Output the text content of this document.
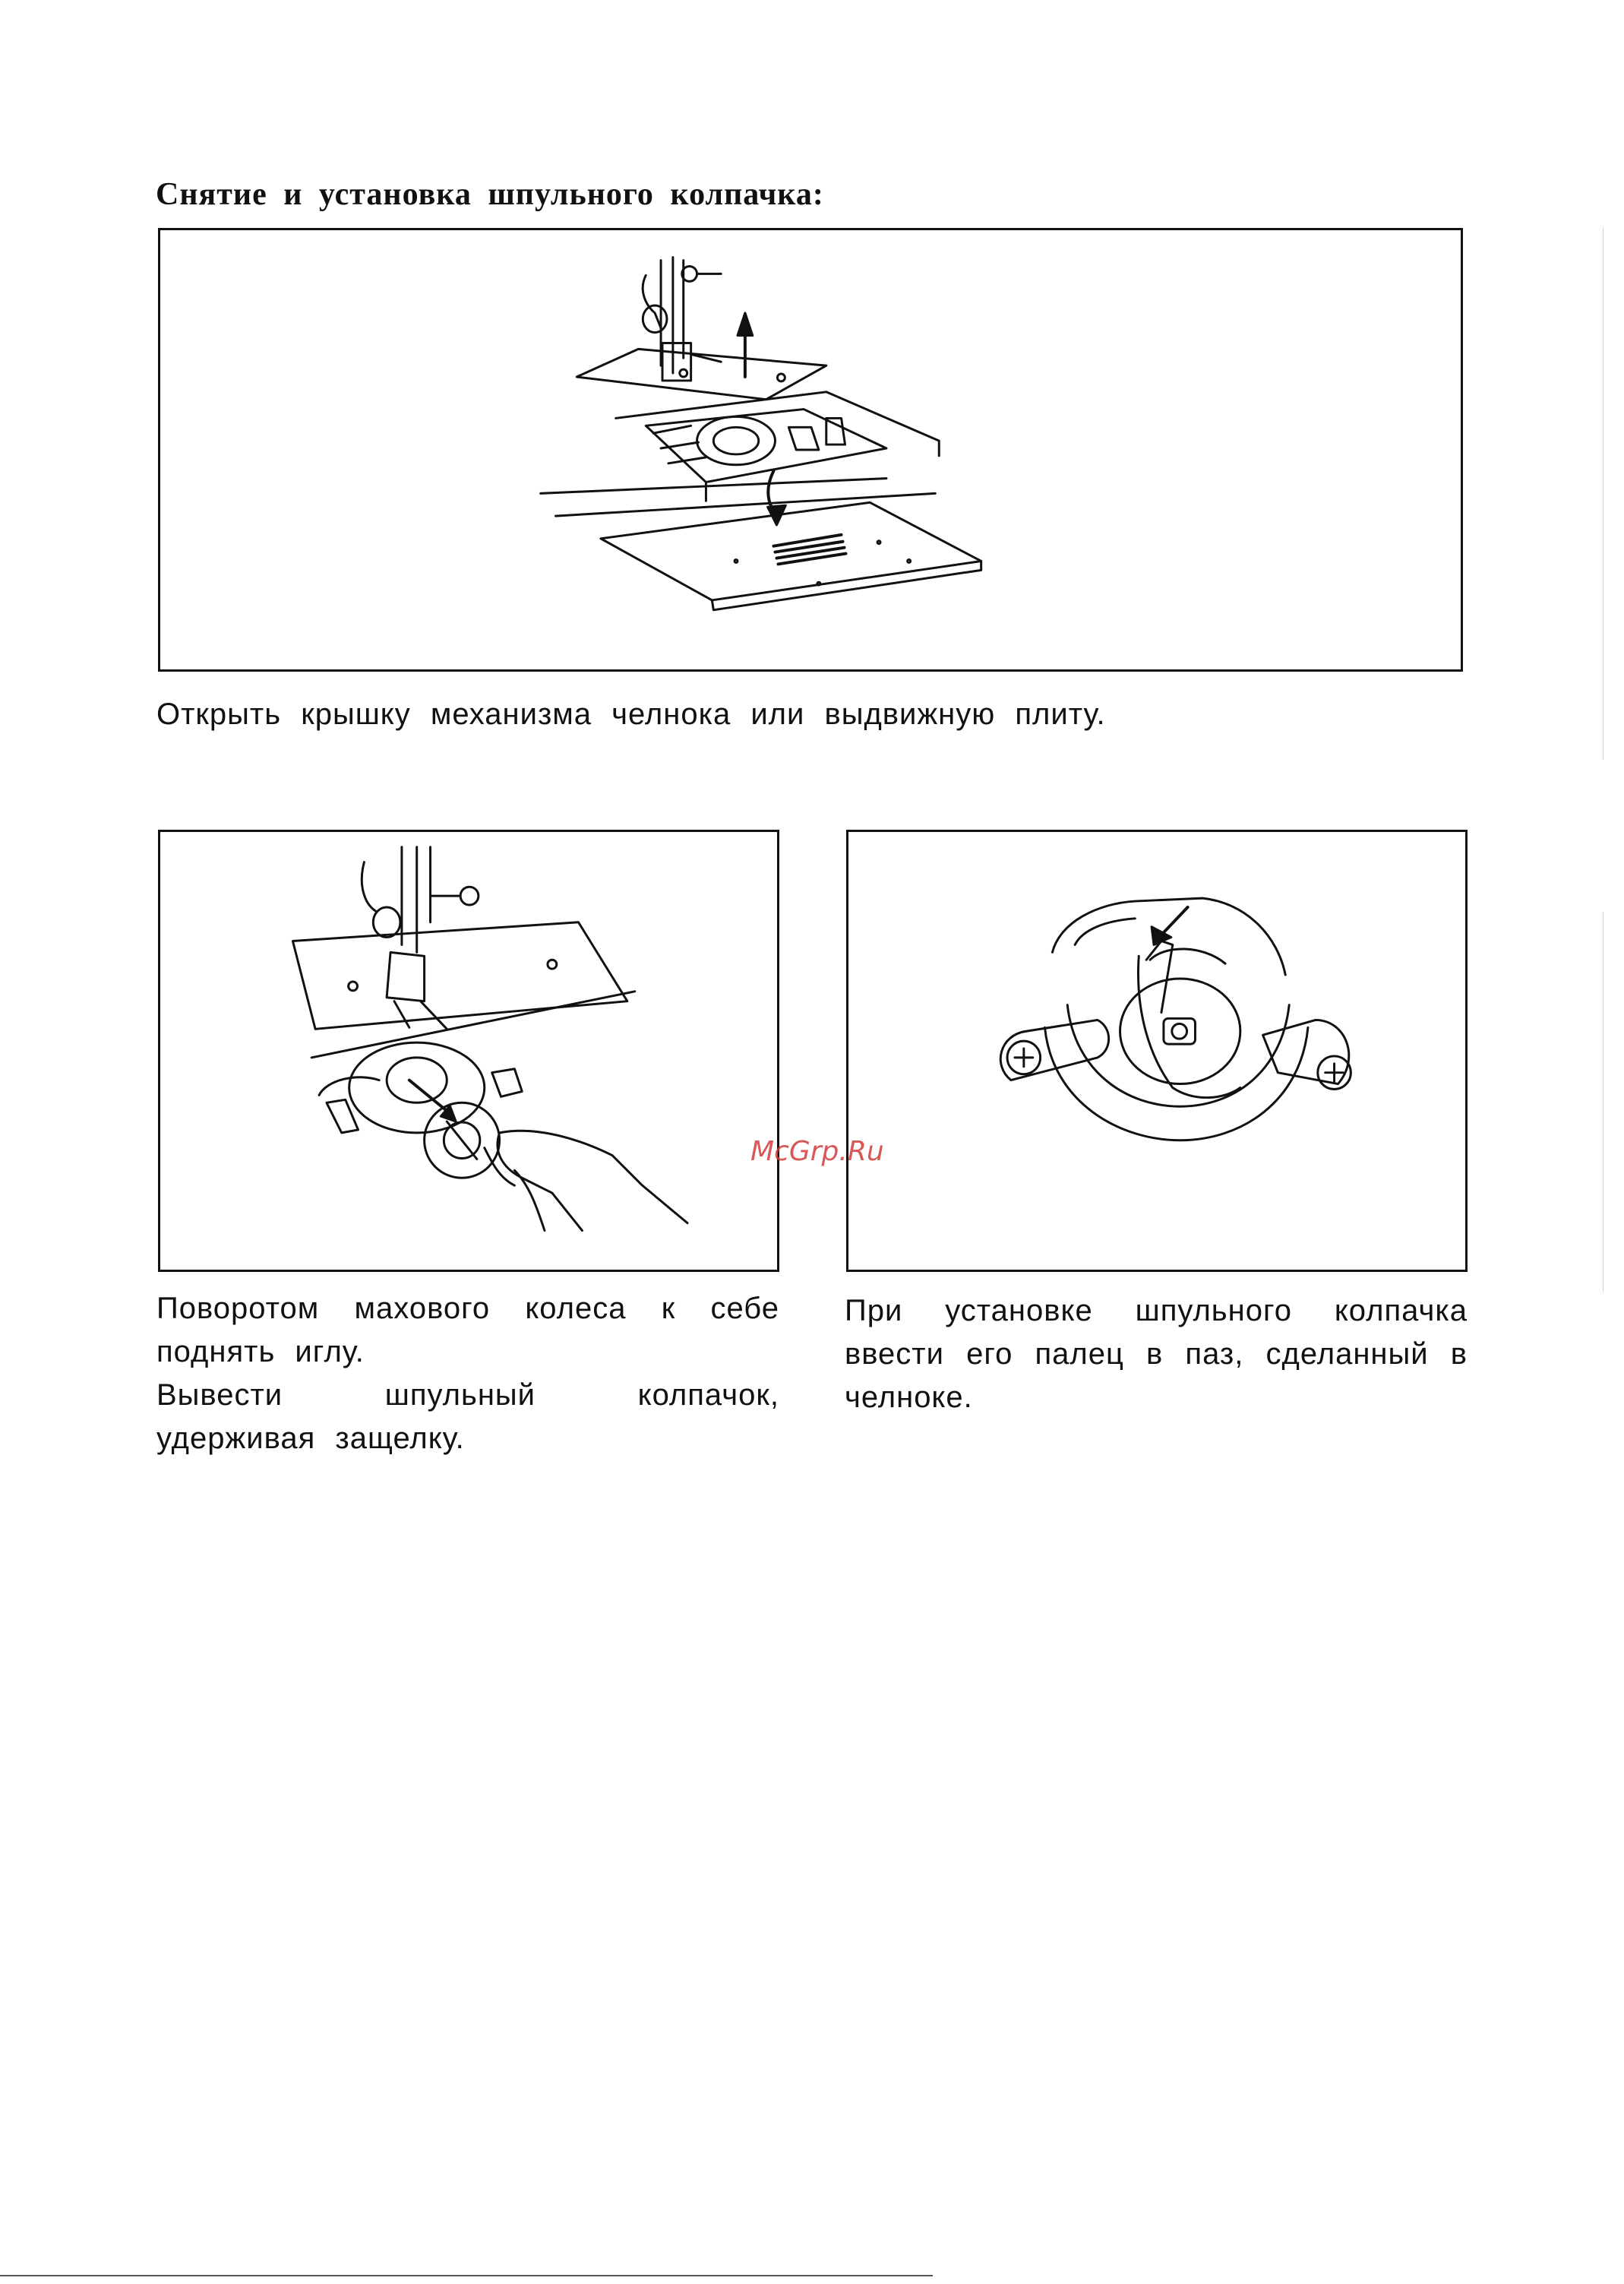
Снятие и установка шпульного колпачка:
Открыть крышку механизма челнока или выдвижную плиту.
Поворотом махового колеса к себе поднять иглу.
Вывести шпульный колпачок, удерживая защелку.
При установке шпульного колпачка ввести его палец в паз, сделанный в челноке.
McGrp.Ru
